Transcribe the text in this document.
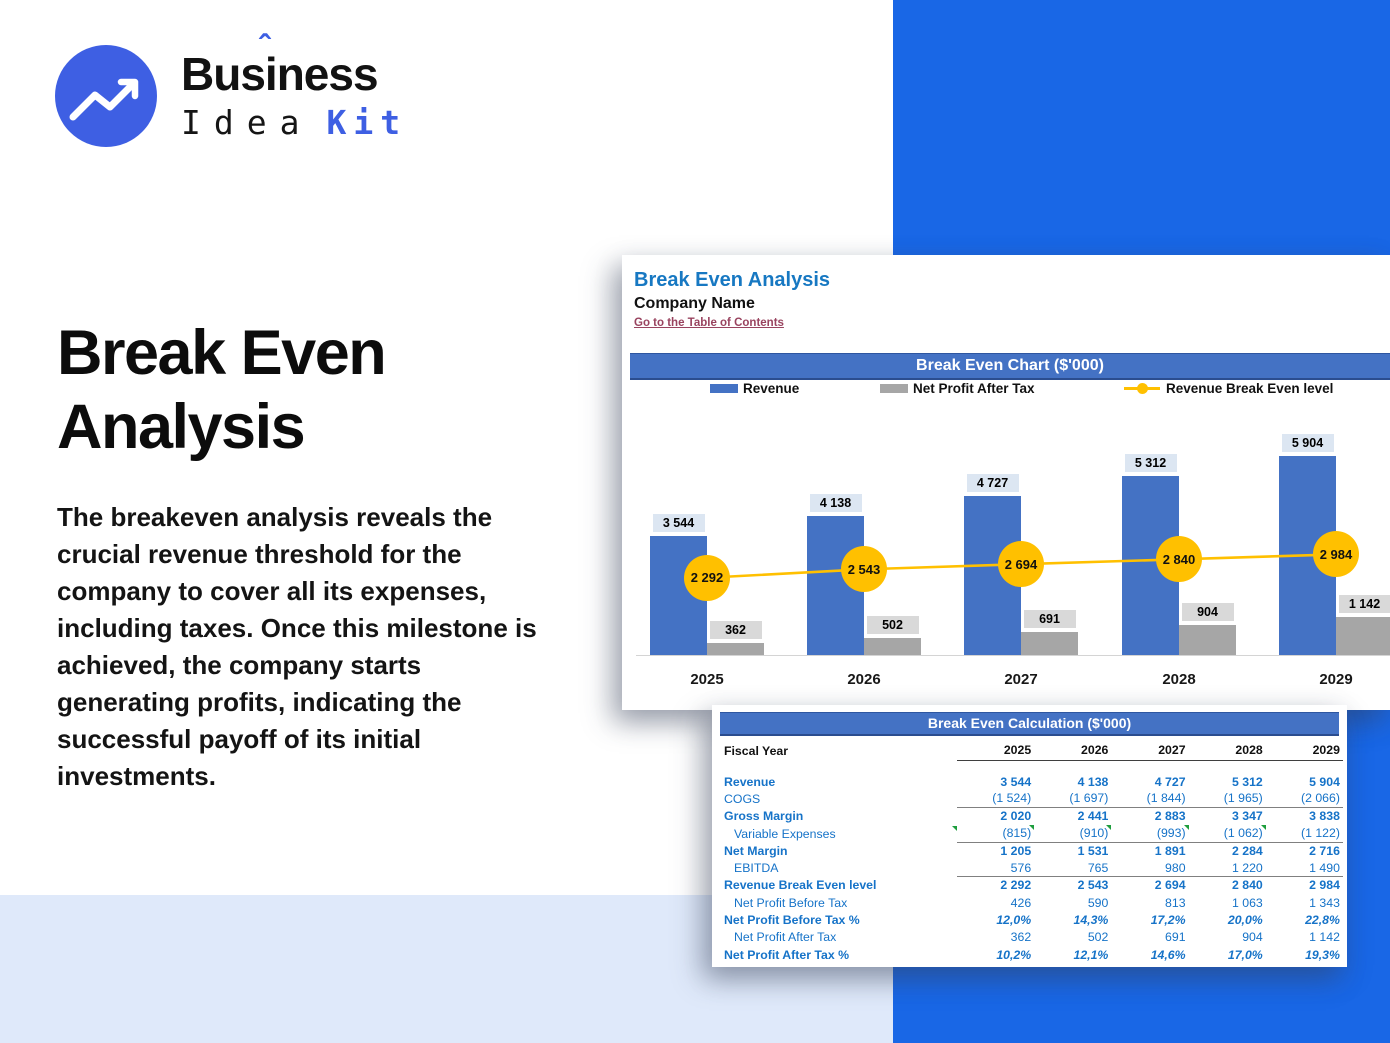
Busi
ˆ ness
Idea Kit
Break Even
Analysis
The breakeven analysis reveals the crucial revenue threshold for the company to cover all its expenses, including taxes. Once this milestone is achieved, the company starts generating profits, indicating the successful payoff of its initial investments.
Break Even Analysis
Company Name
Go to the Table of Contents
Break Even Chart ($'000)
Revenue	Net Profit After Tax	Revenue Break Even level
3 544
362
2 292
2025
4 138
502
2 543
2026
4 727
691
2 694
2027
5 312
904
2 840
2028
5 904
1 142
2 984
2029
Break Even Calculation ($'000)
Fiscal Year	2025	2026	2027	2028	2029
Revenue	3 544	4 138	4 727	5 312	5 904
COGS	(1 524)	(1 697)	(1 844)	(1 965)	(2 066)
Gross Margin	2 020	2 441	2 883	3 347	3 838
Variable Expenses	(815)	(910)	(993)	(1 062)	(1 122)
Net Margin	1 205	1 531	1 891	2 284	2 716
EBITDA	576	765	980	1 220	1 490
Revenue Break Even level	2 292	2 543	2 694	2 840	2 984
Net Profit Before Tax	426	590	813	1 063	1 343
Net Profit Before Tax %	12,0%	14,3%	17,2%	20,0%	22,8%
Net Profit After Tax	362	502	691	904	1 142
Net Profit After Tax %	10,2%	12,1%	14,6%	17,0%	19,3%
